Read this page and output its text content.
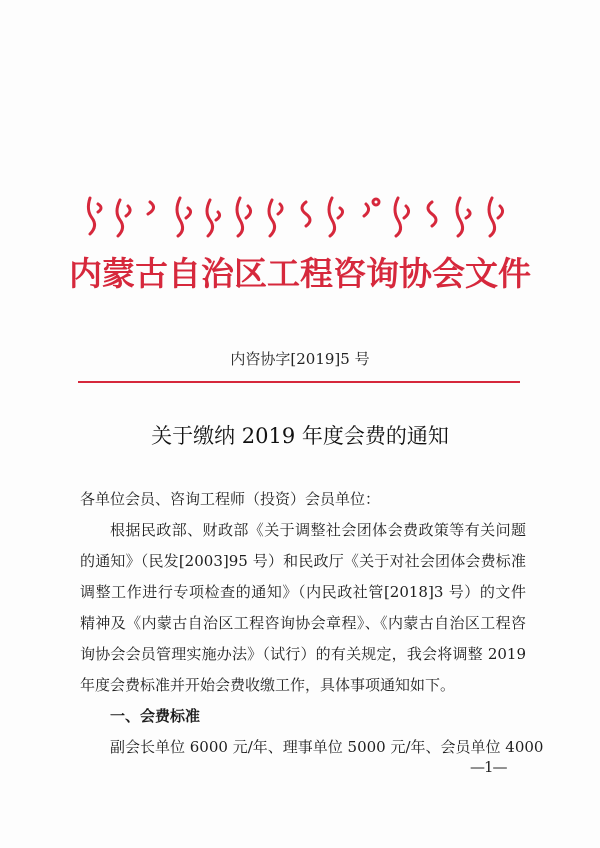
内蒙古自治区工程咨询协会文件
内咨协字[2019]5 号
关于缴纳 2019 年度会费的通知

各单位会员、咨询工程师（投资）会员单位：

根据民政部、财政部《关于调整社会团体会费政策等有关问题的通知》（民发[2003]95 号）和民政厅《关于对社会团体会费标准调整工作进行专项检查的通知》（内民政社管[2018]3 号）的文件精神及《内蒙古自治区工程咨询协会章程》、《内蒙古自治区工程咨询协会会员管理实施办法》（试行）的有关规定，我会将调整 2019 年度会费标准并开始会费收缴工作，具体事项通知如下。

一、会费标准

副会长单位 6000 元/年、理事单位 5000 元/年、会员单位 4000

—1—
